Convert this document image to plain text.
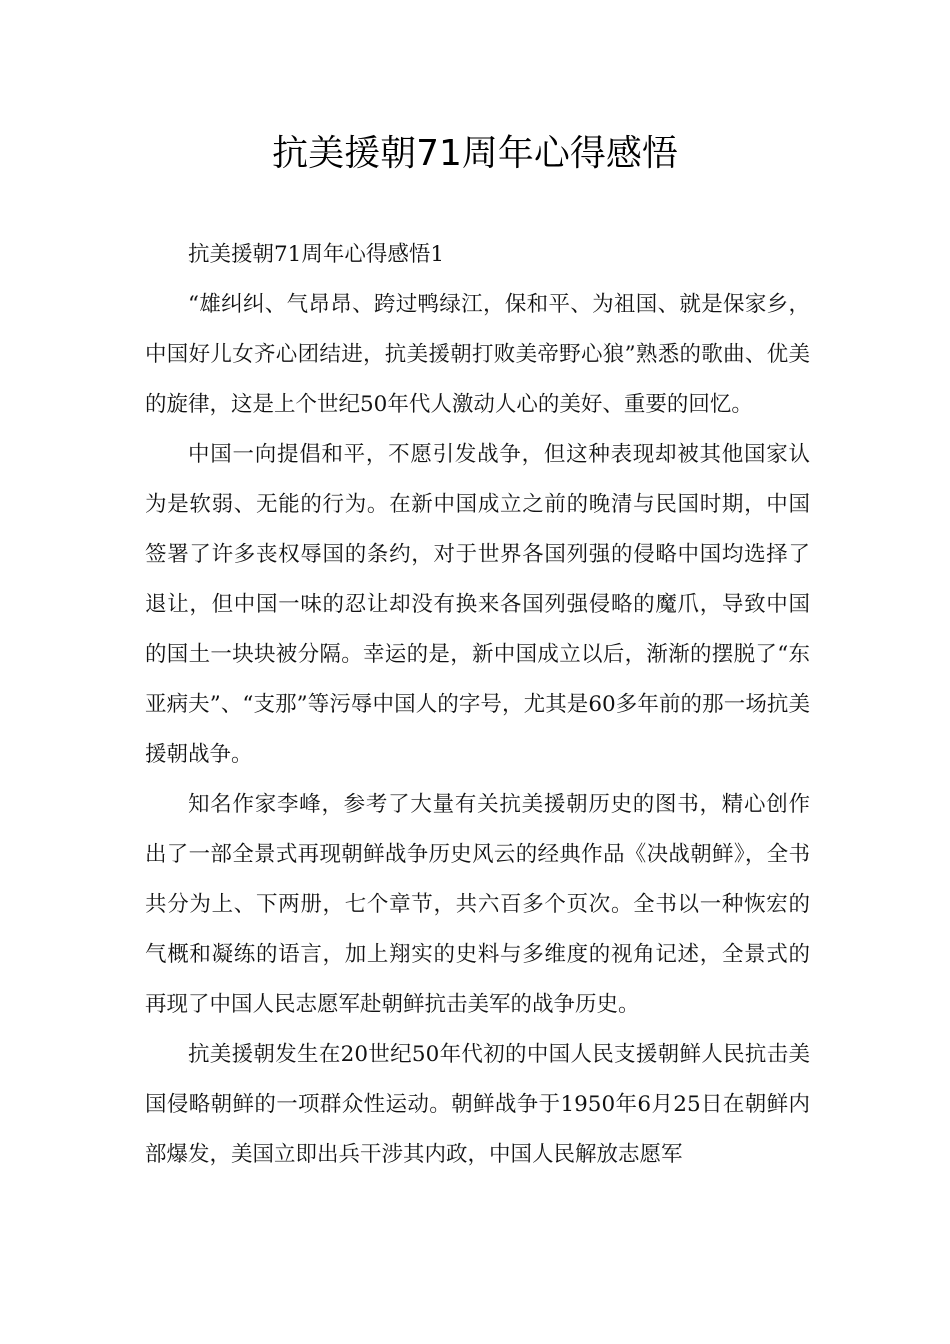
抗美援朝71周年心得感悟

抗美援朝71周年心得感悟1

“雄纠纠、气昂昂、跨过鸭绿江，保和平、为祖国、就是保家乡，中国好儿女齐心团结进，抗美援朝打败美帝野心狼”熟悉的歌曲、优美的旋律，这是上个世纪50年代人激动人心的美好、重要的回忆。

中国一向提倡和平，不愿引发战争，但这种表现却被其他国家认为是软弱、无能的行为。在新中国成立之前的晚清与民国时期，中国签署了许多丧权辱国的条约，对于世界各国列强的侵略中国均选择了退让，但中国一味的忍让却没有换来各国列强侵略的魔爪，导致中国的国土一块块被分隔。幸运的是，新中国成立以后，渐渐的摆脱了“东亚病夫”、“支那”等污辱中国人的字号，尤其是60多年前的那一场抗美援朝战争。

知名作家李峰，参考了大量有关抗美援朝历史的图书，精心创作出了一部全景式再现朝鲜战争历史风云的经典作品《决战朝鲜》，全书共分为上、下两册，七个章节，共六百多个页次。全书以一种恢宏的气概和凝练的语言，加上翔实的史料与多维度的视角记述，全景式的再现了中国人民志愿军赴朝鲜抗击美军的战争历史。

抗美援朝发生在20世纪50年代初的中国人民支援朝鲜人民抗击美国侵略朝鲜的一项群众性运动。朝鲜战争于1950年6月25日在朝鲜内部爆发，美国立即出兵干涉其内政，中国人民解放志愿军
